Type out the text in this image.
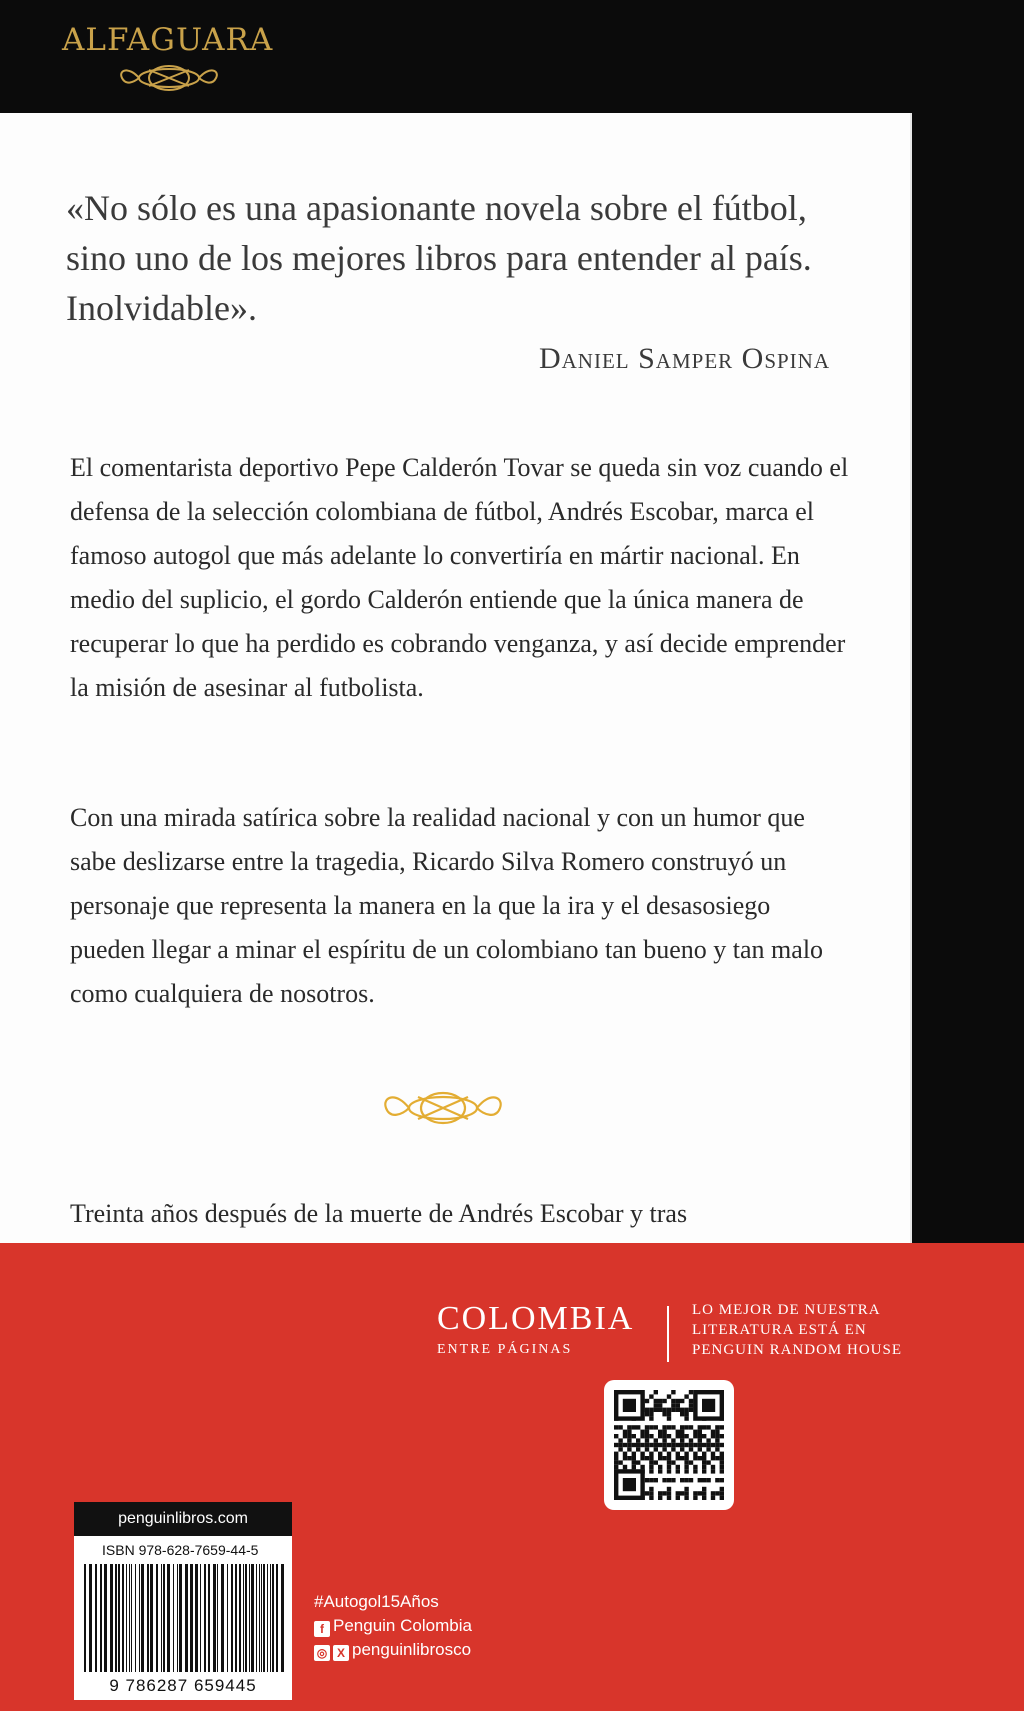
ALFAGUARA

«No sólo es una apasionante novela sobre el fútbol, sino uno de los mejores libros para entender al país. Inolvidable».

Daniel Samper Ospina

El comentarista deportivo Pepe Calderón Tovar se queda sin voz cuando el defensa de la selección colombiana de fútbol, Andrés Escobar, marca el famoso autogol que más adelante lo convertiría en mártir nacional. En medio del suplicio, el gordo Calderón entiende que la única manera de recuperar lo que ha perdido es cobrando venganza, y así decide emprender la misión de asesinar al futbolista.

Con una mirada satírica sobre la realidad nacional y con un humor que sabe deslizarse entre la tragedia, Ricardo Silva Romero construyó un personaje que representa la manera en la que la ira y el desasosiego pueden llegar a minar el espíritu de un colombiano tan bueno y tan malo como cualquiera de nosotros.

Treinta años después de la muerte de Andrés Escobar y tras

COLOMBIA
ENTRE PÁGINAS
LO MEJOR DE NUESTRA
LITERATURA ESTÁ EN
PENGUIN RANDOM HOUSE
penguinlibros.com
ISBN 978-628-7659-44-5
9 786287 659445
#Autogol15Años
f Penguin Colombia
◎ X penguinlibrosco
